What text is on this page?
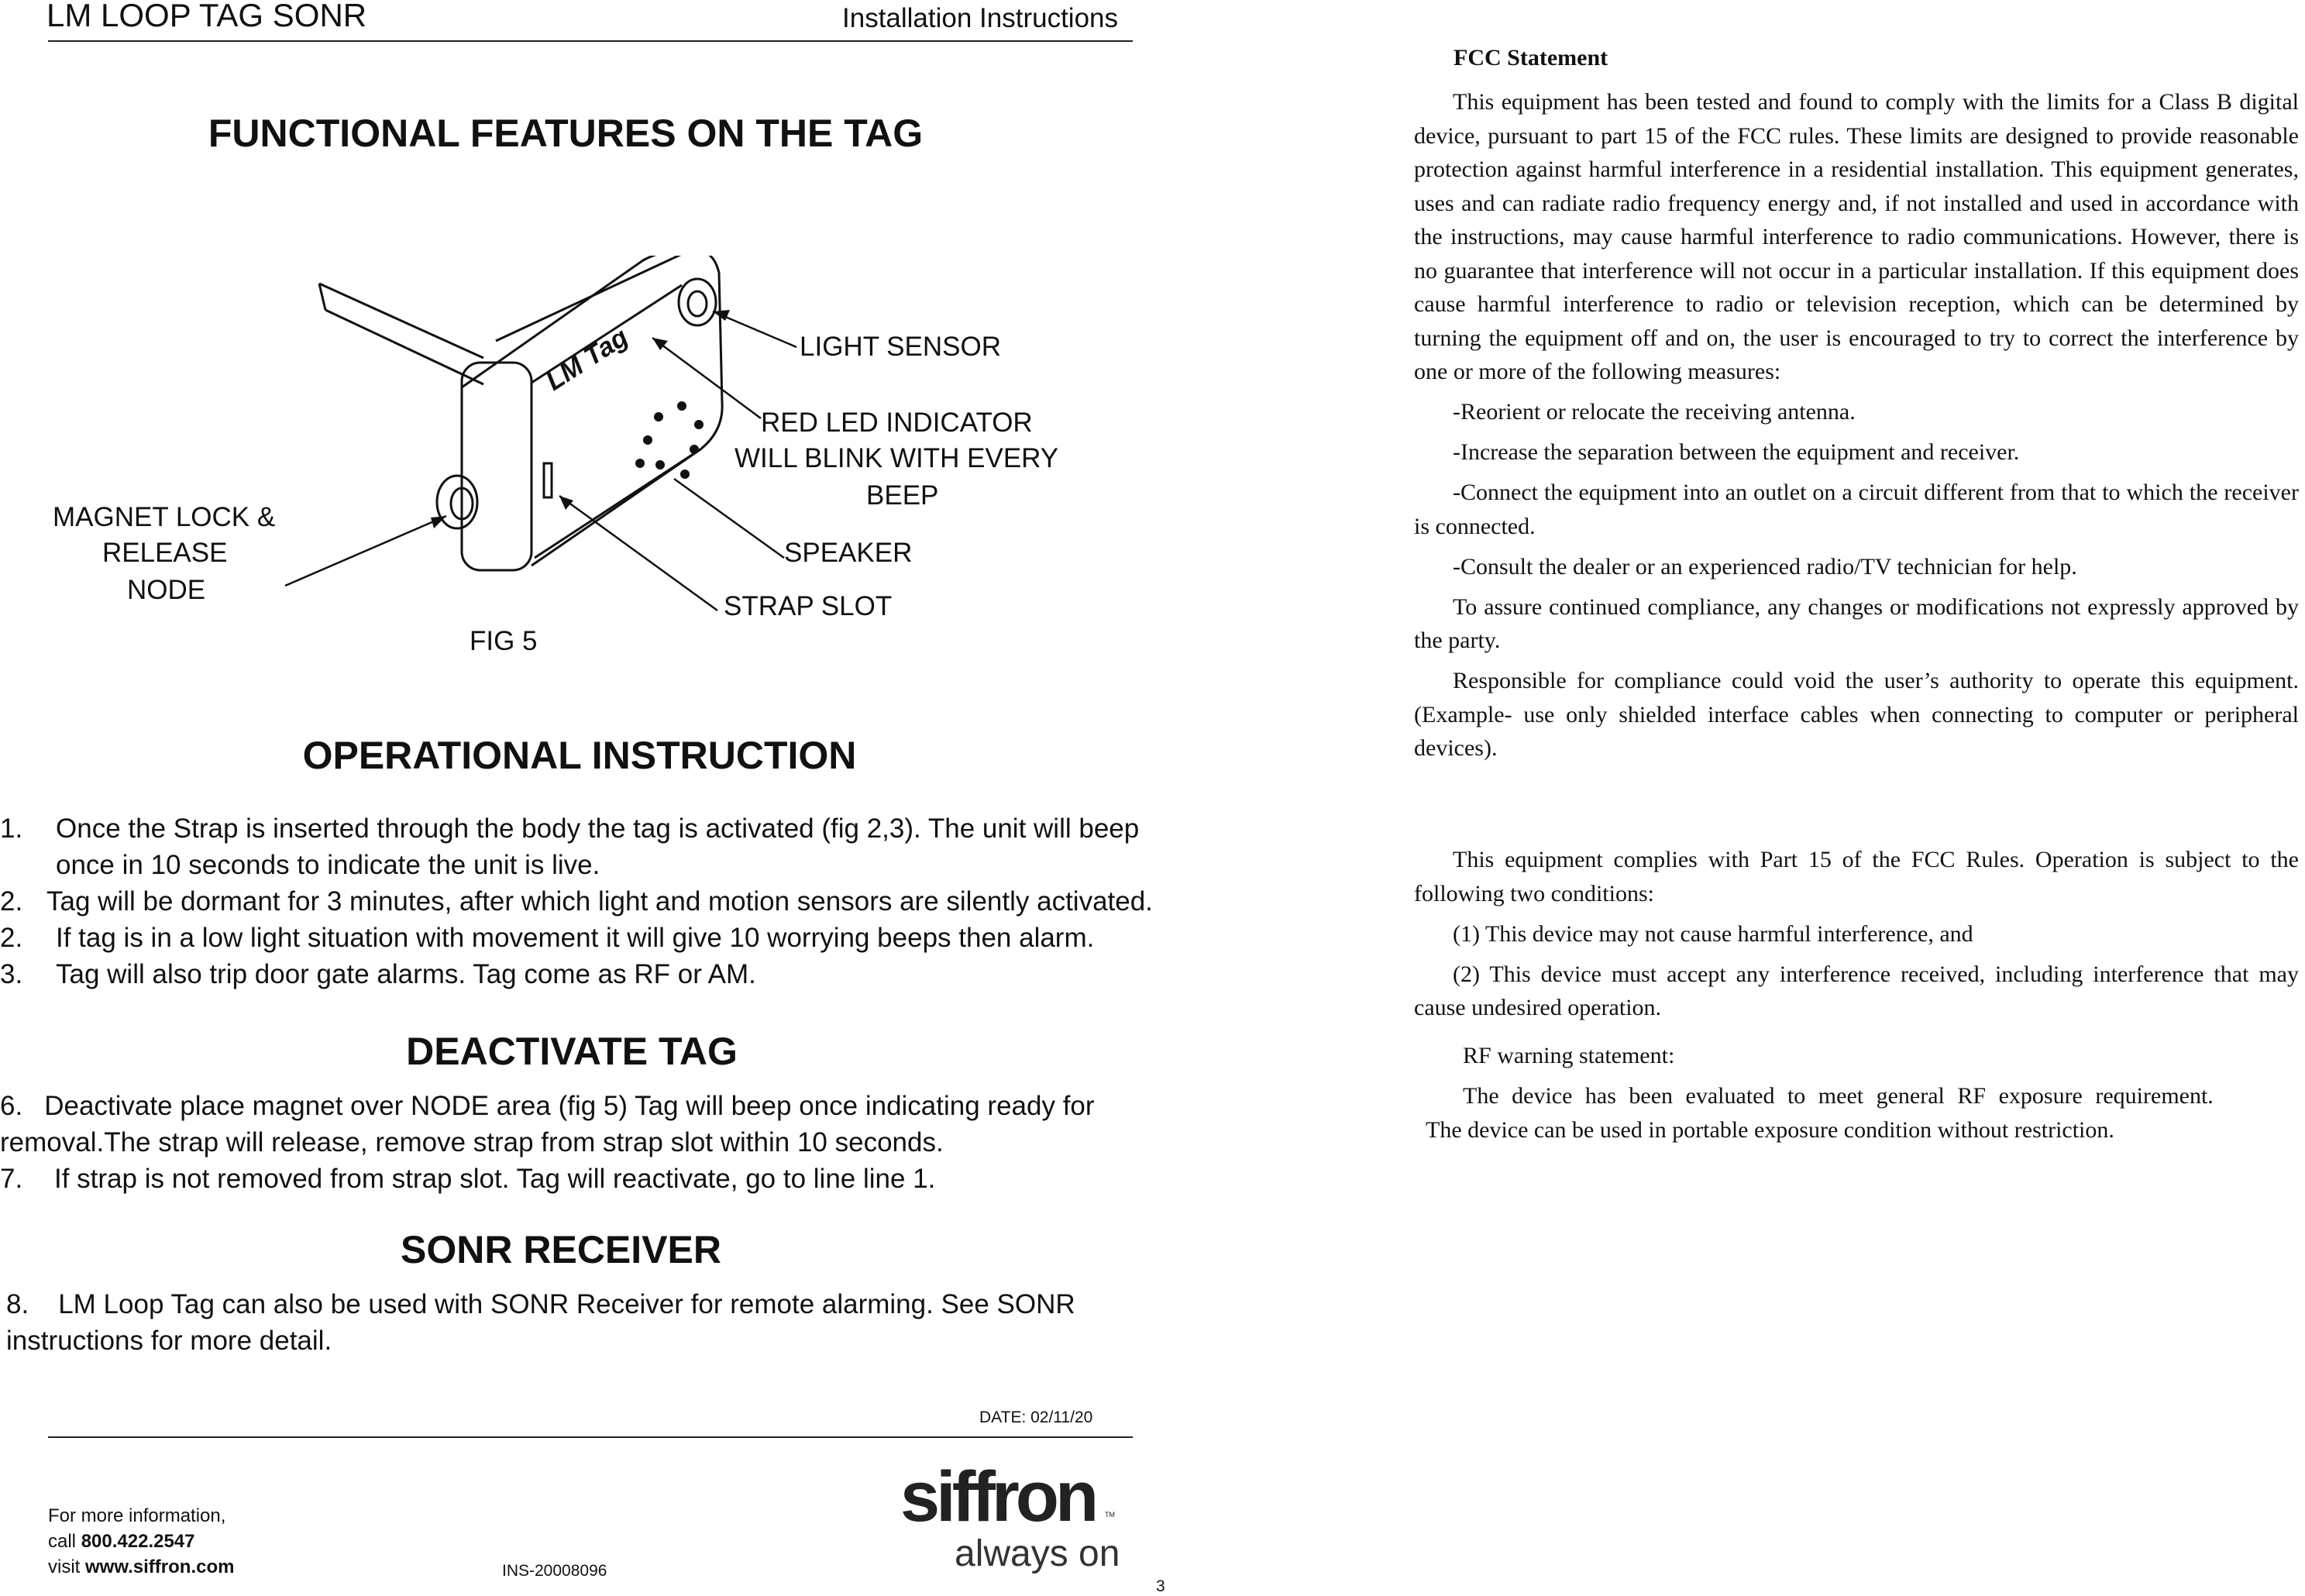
LM LOOP TAG SONR	Installation Instructions
FUNCTIONAL FEATURES ON THE TAG
LM Tag	LIGHT SENSOR
RED LED INDICATOR
WILL BLINK WITH EVERY
BEEP
SPEAKER
STRAP SLOT
MAGNET LOCK &
RELEASE
NODE
FIG 5
OPERATIONAL INSTRUCTION
1.	Once the Strap is inserted through the body the tag is activated (fig 2,3). The unit will beep
once in 10 seconds to indicate the unit is live.
2. Tag will be dormant for 3 minutes, after which light and motion sensors are silently activated.
2.	If tag is in a low light situation with movement it will give 10 worrying beeps then alarm.
3.	Tag will also trip door gate alarms. Tag come as RF or AM.
DEACTIVATE TAG
6. Deactivate place magnet over NODE area (fig 5) Tag will beep once indicating ready for
removal.The strap will release, remove strap from strap slot within 10 seconds.
7.	If strap is not removed from strap slot. Tag will reactivate, go to line line 1.
SONR RECEIVER
8. LM Loop Tag can also be used with SONR Receiver for remote alarming. See SONR
instructions for more detail.
DATE: 02/11/20
For more information,
call 800.422.2547
visit www.siffron.com	INS-20008096
siffron TM
always on
3
FCC Statement

This equipment has been tested and found to comply with the limits for a Class B digital device, pursuant to part 15 of the FCC rules. These limits are designed to provide reasonable protection against harmful interference in a residential installation. This equipment generates, uses and can radiate radio frequency energy and, if not installed and used in accordance with the instructions, may cause harmful interference to radio communications. However, there is no guarantee that interference will not occur in a particular installation. If this equipment does cause harmful interference to radio or television reception, which can be determined by turning the equipment off and on, the user is encouraged to try to correct the interference by one or more of the following measures:

-Reorient or relocate the receiving antenna.

-Increase the separation between the equipment and receiver.

-Connect the equipment into an outlet on a circuit different from that to which the receiver is connected.

-Consult the dealer or an experienced radio/TV technician for help.

To assure continued compliance, any changes or modifications not expressly approved by the party.

Responsible for compliance could void the user’s authority to operate this equipment. (Example- use only shielded interface cables when connecting to computer or peripheral devices).

This equipment complies with Part 15 of the FCC Rules. Operation is subject to the following two conditions:

(1) This device may not cause harmful interference, and

(2) This device must accept any interference received, including interference that may cause undesired operation.

RF warning statement:
The device has been evaluated to meet general RF exposure requirement.
The device can be used in portable exposure condition without restriction.
